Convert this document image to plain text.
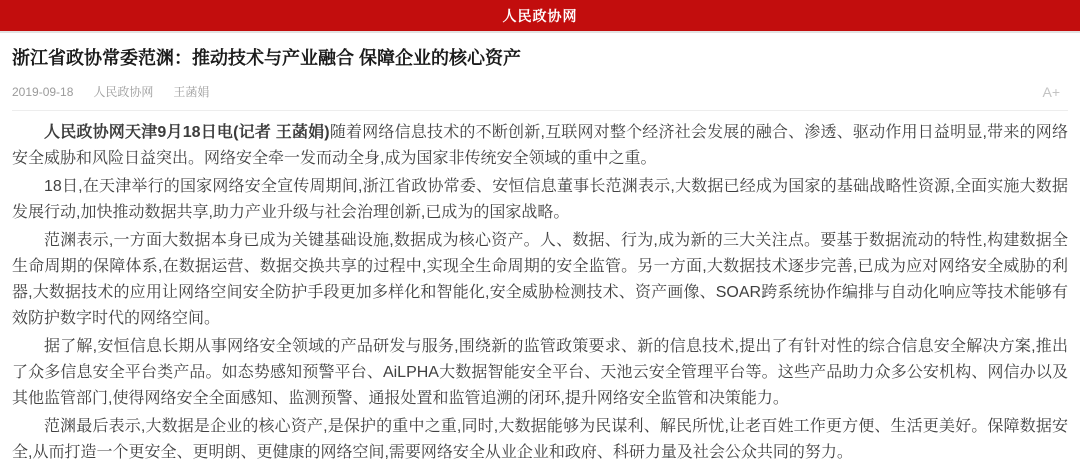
人民政协网
浙江省政协常委范渊：推动技术与产业融合 保障企业的核心资产
2019-09-18 人民政协网 王菡娟	A+

人民政协网天津9月18日电(记者 王菡娟)随着网络信息技术的不断创新,互联网对整个经济社会发展的融合、渗透、驱动作用日益明显,带来的网络安全威胁和风险日益突出。网络安全牵一发而动全身,成为国家非传统安全领域的重中之重。

18日,在天津举行的国家网络安全宣传周期间,浙江省政协常委、安恒信息董事长范渊表示,大数据已经成为国家的基础战略性资源,全面实施大数据发展行动,加快推动数据共享,助力产业升级与社会治理创新,已成为的国家战略。

范渊表示,一方面大数据本身已成为关键基础设施,数据成为核心资产。人、数据、行为,成为新的三大关注点。要基于数据流动的特性,构建数据全生命周期的保障体系,在数据运营、数据交换共享的过程中,实现全生命周期的安全监管。另一方面,大数据技术逐步完善,已成为应对网络安全威胁的利器,大数据技术的应用让网络空间安全防护手段更加多样化和智能化,安全威胁检测技术、资产画像、SOAR跨系统协作编排与自动化响应等技术能够有效防护数字时代的网络空间。

据了解,安恒信息长期从事网络安全领域的产品研发与服务,围绕新的监管政策要求、新的信息技术,提出了有针对性的综合信息安全解决方案,推出了众多信息安全平台类产品。如态势感知预警平台、AiLPHA大数据智能安全平台、天池云安全管理平台等。这些产品助力众多公安机构、网信办以及其他监管部门,使得网络安全全面感知、监测预警、通报处置和监管追溯的闭环,提升网络安全监管和决策能力。

范渊最后表示,大数据是企业的核心资产,是保护的重中之重,同时,大数据能够为民谋利、解民所忧,让老百姓工作更方便、生活更美好。保障数据安全,从而打造一个更安全、更明朗、更健康的网络空间,需要网络安全从业企业和政府、科研力量及社会公众共同的努力。
